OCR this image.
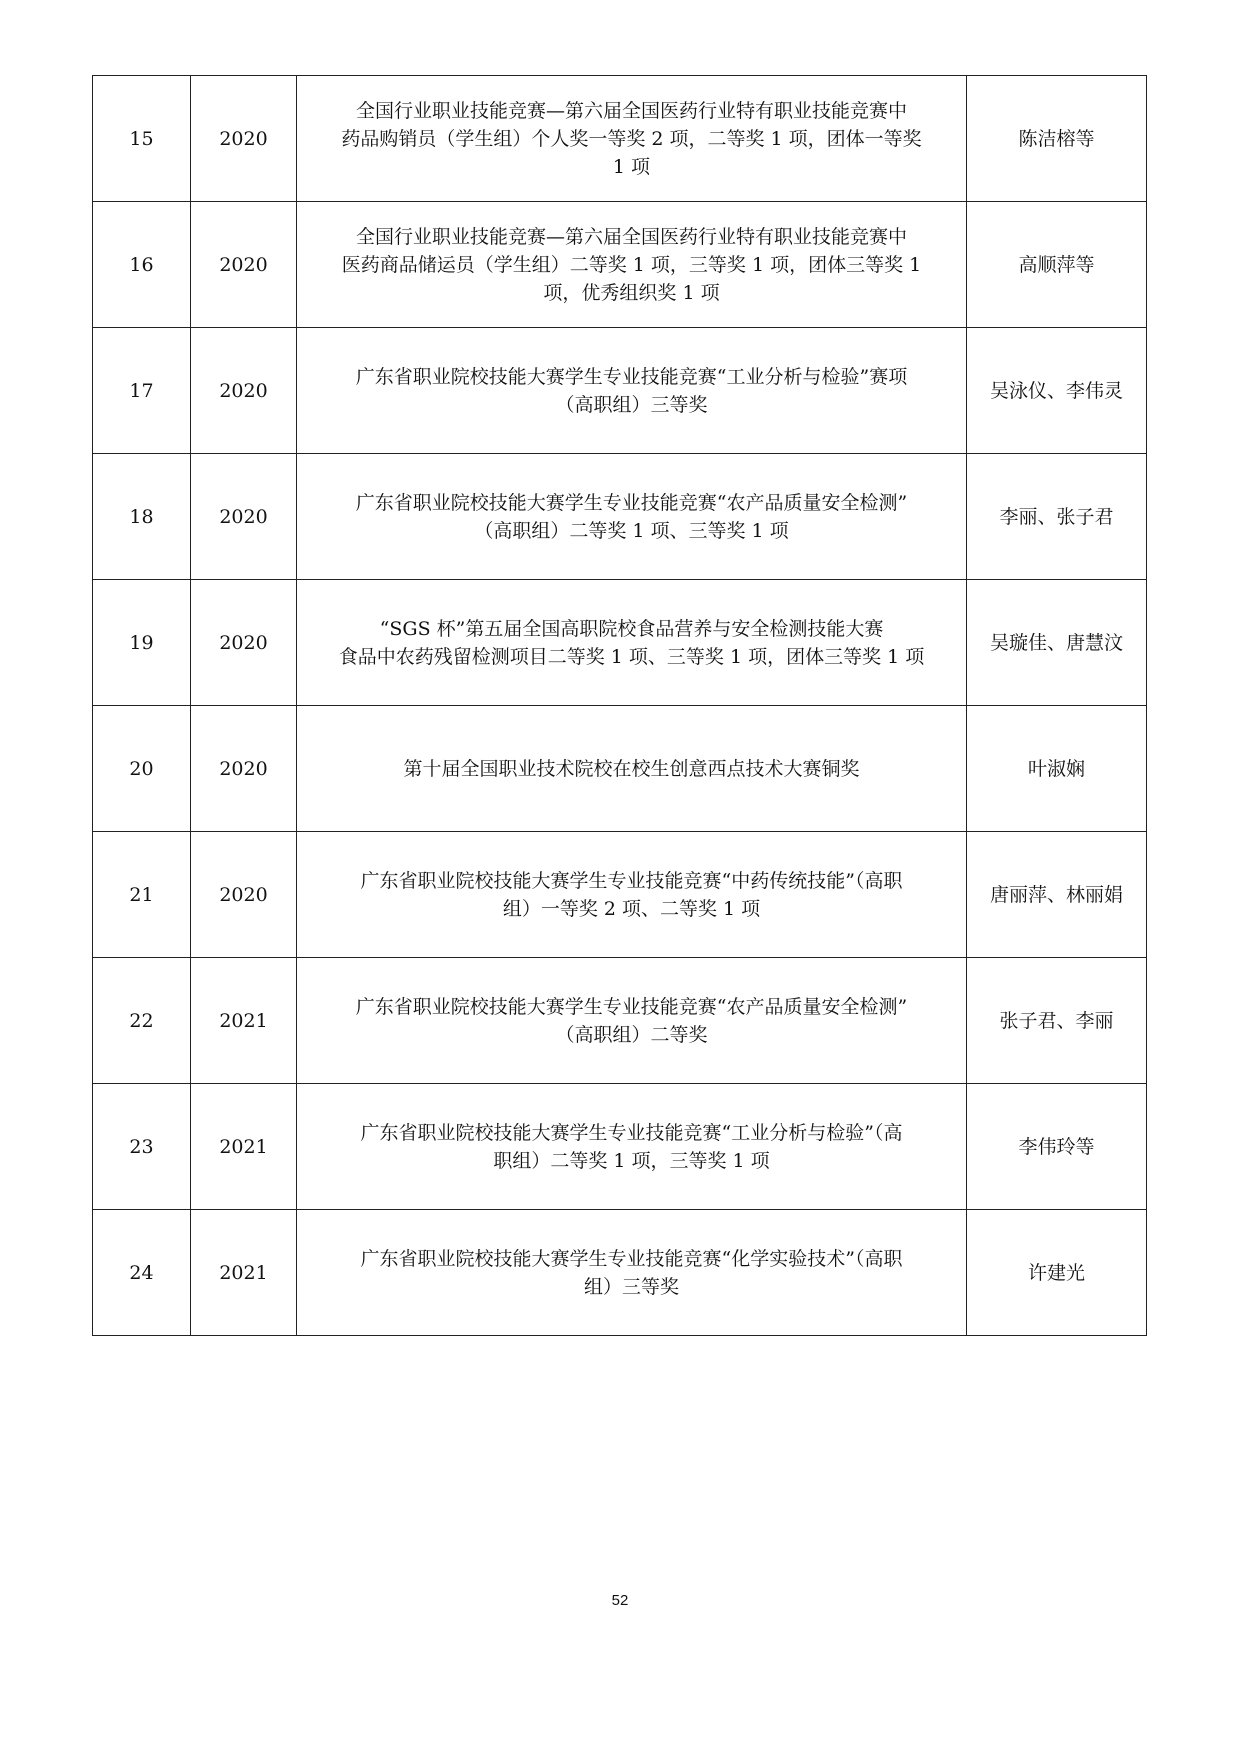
15	2020	全国行业职业技能竞赛—第六届全国医药行业特有职业技能竞赛中
药品购销员（学生组）个人奖一等奖 2 项，二等奖 1 项，团体一等奖
1 项	陈洁榕等
16	2020	全国行业职业技能竞赛—第六届全国医药行业特有职业技能竞赛中
医药商品储运员（学生组）二等奖 1 项，三等奖 1 项，团体三等奖 1
项，优秀组织奖 1 项	高顺萍等
17	2020	广东省职业院校技能大赛学生专业技能竞赛“工业分析与检验”赛项
（高职组）三等奖	吴泳仪、李伟灵
18	2020	广东省职业院校技能大赛学生专业技能竞赛“农产品质量安全检测”
（高职组）二等奖 1 项、三等奖 1 项	李丽、张子君
19	2020	“SGS 杯”第五届全国高职院校食品营养与安全检测技能大赛
食品中农药残留检测项目二等奖 1 项、三等奖 1 项，团体三等奖 1 项	吴璇佳、唐慧汶
20	2020	第十届全国职业技术院校在校生创意西点技术大赛铜奖	叶淑娴
21	2020	广东省职业院校技能大赛学生专业技能竞赛“中药传统技能”（高职
组）一等奖 2 项、二等奖 1 项	唐丽萍、林丽娟
22	2021	广东省职业院校技能大赛学生专业技能竞赛“农产品质量安全检测”
（高职组）二等奖	张子君、李丽
23	2021	广东省职业院校技能大赛学生专业技能竞赛“工业分析与检验”（高
职组）二等奖 1 项，三等奖 1 项	李伟玲等
24	2021	广东省职业院校技能大赛学生专业技能竞赛“化学实验技术”（高职
组）三等奖	许建光
52
